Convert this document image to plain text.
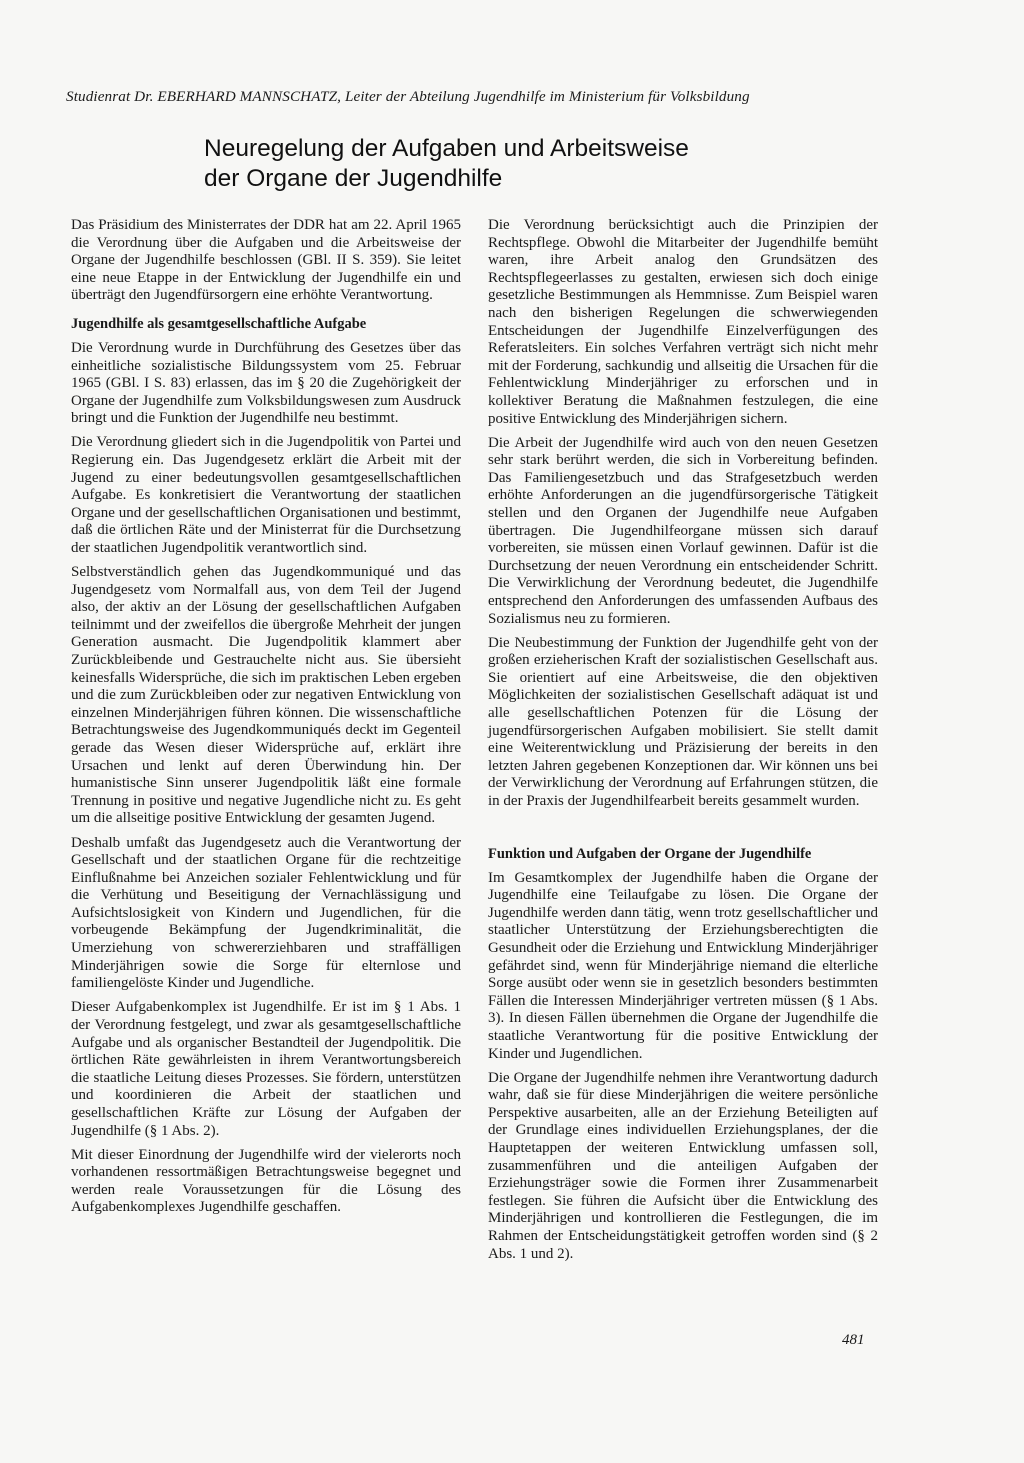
Studienrat Dr. EBERHARD MANNSCHATZ, Leiter der Abteilung Jugendhilfe im Ministerium für Volksbildung
Neuregelung der Aufgaben und Arbeitsweise
der Organe der Jugendhilfe

Das Präsidium des Ministerrates der DDR hat am 22. April 1965 die Verordnung über die Aufgaben und die Arbeitsweise der Organe der Jugendhilfe beschlossen (GBl. II S. 359). Sie leitet eine neue Etappe in der Entwicklung der Jugendhilfe ein und überträgt den Jugendfürsorgern eine erhöhte Verantwortung.

Jugendhilfe als gesamtgesellschaftliche Aufgabe

Die Verordnung wurde in Durchführung des Gesetzes über das einheitliche sozialistische Bildungssystem vom 25. Februar 1965 (GBl. I S. 83) erlassen, das im § 20 die Zugehörigkeit der Organe der Jugendhilfe zum Volksbildungswesen zum Ausdruck bringt und die Funktion der Jugendhilfe neu bestimmt.

Die Verordnung gliedert sich in die Jugendpolitik von Partei und Regierung ein. Das Jugendgesetz erklärt die Arbeit mit der Jugend zu einer bedeutungsvollen gesamtgesellschaftlichen Aufgabe. Es konkretisiert die Verantwortung der staatlichen Organe und der gesellschaftlichen Organisationen und bestimmt, daß die örtlichen Räte und der Ministerrat für die Durchsetzung der staatlichen Jugendpolitik verantwortlich sind.

Selbstverständlich gehen das Jugendkommuniqué und das Jugendgesetz vom Normalfall aus, von dem Teil der Jugend also, der aktiv an der Lösung der gesellschaftlichen Aufgaben teilnimmt und der zweifellos die übergroße Mehrheit der jungen Generation ausmacht. Die Jugendpolitik klammert aber Zurückbleibende und Gestrauchelte nicht aus. Sie übersieht keinesfalls Widersprüche, die sich im praktischen Leben ergeben und die zum Zurückbleiben oder zur negativen Entwicklung von einzelnen Minderjährigen führen können. Die wissenschaftliche Betrachtungsweise des Jugendkommuniqués deckt im Gegenteil gerade das Wesen dieser Widersprüche auf, erklärt ihre Ursachen und lenkt auf deren Überwindung hin. Der humanistische Sinn unserer Jugendpolitik läßt eine formale Trennung in positive und negative Jugendliche nicht zu. Es geht um die allseitige positive Entwicklung der gesamten Jugend.

Deshalb umfaßt das Jugendgesetz auch die Verantwortung der Gesellschaft und der staatlichen Organe für die rechtzeitige Einflußnahme bei Anzeichen sozialer Fehlentwicklung und für die Verhütung und Beseitigung der Vernachlässigung und Aufsichtslosigkeit von Kindern und Jugendlichen, für die vorbeugende Bekämpfung der Jugendkriminalität, die Umerziehung von schwererziehbaren und straffälligen Minderjährigen sowie die Sorge für elternlose und familiengelöste Kinder und Jugendliche.

Dieser Aufgabenkomplex ist Jugendhilfe. Er ist im § 1 Abs. 1 der Verordnung festgelegt, und zwar als gesamtgesellschaftliche Aufgabe und als organischer Bestandteil der Jugendpolitik. Die örtlichen Räte gewährleisten in ihrem Verantwortungsbereich die staatliche Leitung dieses Prozesses. Sie fördern, unterstützen und koordinieren die Arbeit der staatlichen und gesellschaftlichen Kräfte zur Lösung der Aufgaben der Jugendhilfe (§ 1 Abs. 2).

Mit dieser Einordnung der Jugendhilfe wird der vielerorts noch vorhandenen ressortmäßigen Betrachtungsweise begegnet und werden reale Voraussetzungen für die Lösung des Aufgabenkomplexes Jugendhilfe geschaffen.

Die Verordnung berücksichtigt auch die Prinzipien der Rechtspflege. Obwohl die Mitarbeiter der Jugendhilfe bemüht waren, ihre Arbeit analog den Grundsätzen des Rechtspflegeerlasses zu gestalten, erwiesen sich doch einige gesetzliche Bestimmungen als Hemmnisse. Zum Beispiel waren nach den bisherigen Regelungen die schwerwiegenden Entscheidungen der Jugendhilfe Einzelverfügungen des Referatsleiters. Ein solches Verfahren verträgt sich nicht mehr mit der Forderung, sachkundig und allseitig die Ursachen für die Fehlentwicklung Minderjähriger zu erforschen und in kollektiver Beratung die Maßnahmen festzulegen, die eine positive Entwicklung des Minderjährigen sichern.

Die Arbeit der Jugendhilfe wird auch von den neuen Gesetzen sehr stark berührt werden, die sich in Vorbereitung befinden. Das Familiengesetzbuch und das Strafgesetzbuch werden erhöhte Anforderungen an die jugendfürsorgerische Tätigkeit stellen und den Organen der Jugendhilfe neue Aufgaben übertragen. Die Jugendhilfeorgane müssen sich darauf vorbereiten, sie müssen einen Vorlauf gewinnen. Dafür ist die Durchsetzung der neuen Verordnung ein entscheidender Schritt. Die Verwirklichung der Verordnung bedeutet, die Jugendhilfe entsprechend den Anforderungen des umfassenden Aufbaus des Sozialismus neu zu formieren.

Die Neubestimmung der Funktion der Jugendhilfe geht von der großen erzieherischen Kraft der sozialistischen Gesellschaft aus. Sie orientiert auf eine Arbeitsweise, die den objektiven Möglichkeiten der sozialistischen Gesellschaft adäquat ist und alle gesellschaftlichen Potenzen für die Lösung der jugendfürsorgerischen Aufgaben mobilisiert. Sie stellt damit eine Weiterentwicklung und Präzisierung der bereits in den letzten Jahren gegebenen Konzeptionen dar. Wir können uns bei der Verwirklichung der Verordnung auf Erfahrungen stützen, die in der Praxis der Jugendhilfearbeit bereits gesammelt wurden.

Funktion und Aufgaben der Organe der Jugendhilfe

Im Gesamtkomplex der Jugendhilfe haben die Organe der Jugendhilfe eine Teilaufgabe zu lösen. Die Organe der Jugendhilfe werden dann tätig, wenn trotz gesellschaftlicher und staatlicher Unterstützung der Erziehungsberechtigten die Gesundheit oder die Erziehung und Entwicklung Minderjähriger gefährdet sind, wenn für Minderjährige niemand die elterliche Sorge ausübt oder wenn sie in gesetzlich besonders bestimmten Fällen die Interessen Minderjähriger vertreten müssen (§ 1 Abs. 3). In diesen Fällen übernehmen die Organe der Jugendhilfe die staatliche Verantwortung für die positive Entwicklung der Kinder und Jugendlichen.

Die Organe der Jugendhilfe nehmen ihre Verantwortung dadurch wahr, daß sie für diese Minderjährigen die weitere persönliche Perspektive ausarbeiten, alle an der Erziehung Beteiligten auf der Grundlage eines individuellen Erziehungsplanes, der die Hauptetappen der weiteren Entwicklung umfassen soll, zusammenführen und die anteiligen Aufgaben der Erziehungsträger sowie die Formen ihrer Zusammenarbeit festlegen. Sie führen die Aufsicht über die Entwicklung des Minderjährigen und kontrollieren die Festlegungen, die im Rahmen der Entscheidungstätigkeit getroffen worden sind (§ 2 Abs. 1 und 2).

481
